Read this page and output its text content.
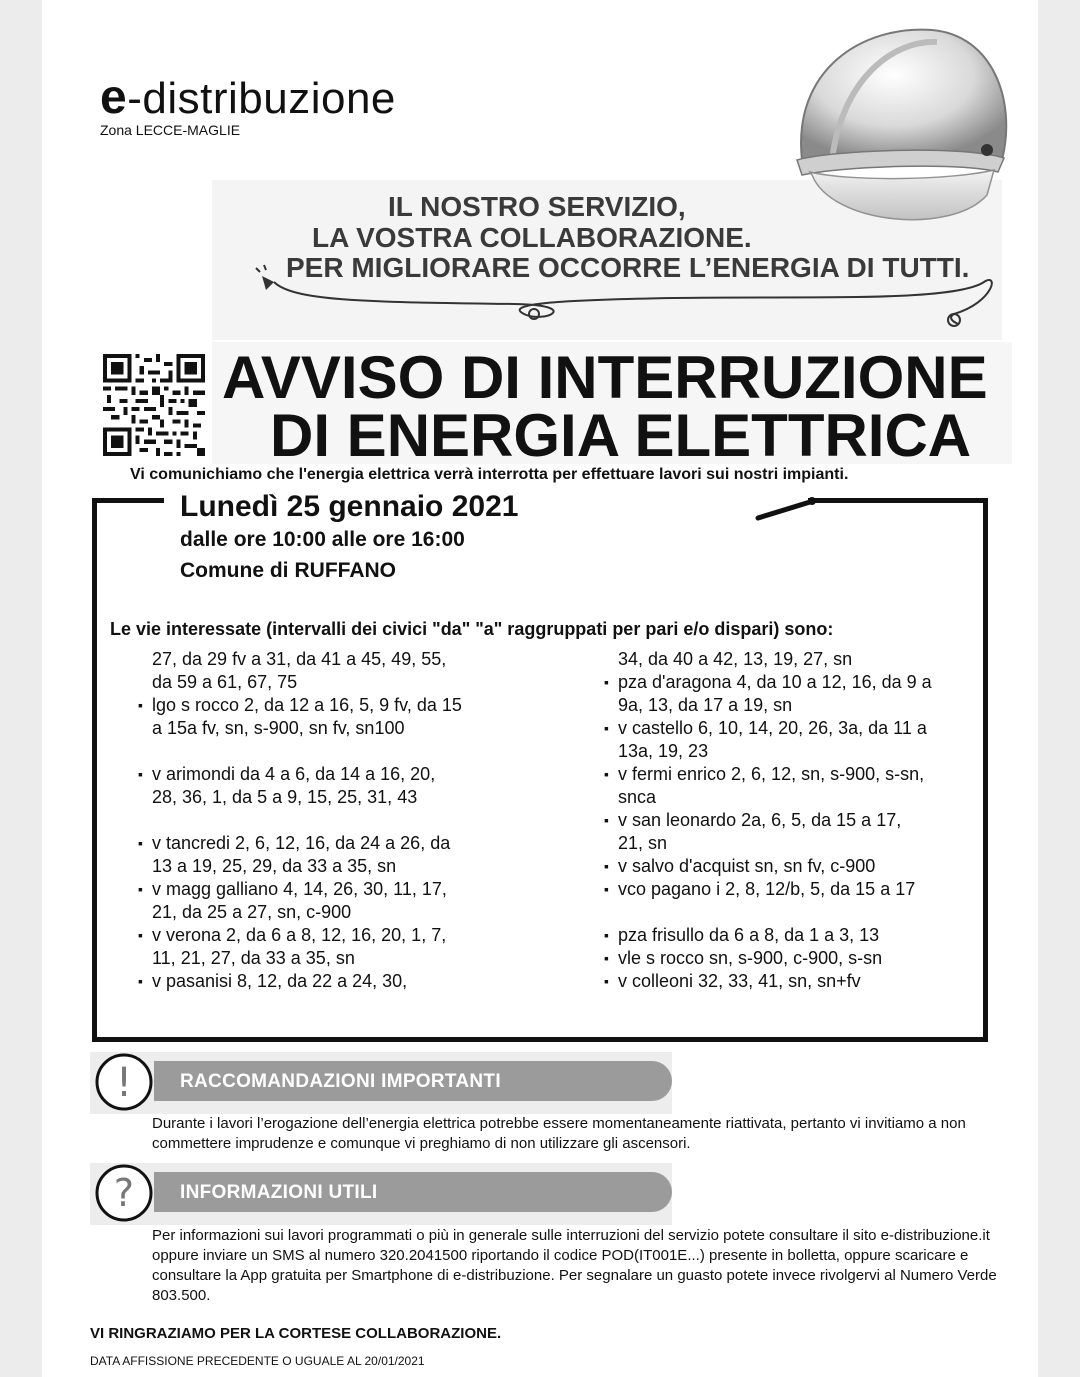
e-distribuzione
Zona LECCE-MAGLIE
IL NOSTRO SERVIZIO,
LA VOSTRA COLLABORAZIONE.
PER MIGLIORARE OCCORRE L’ENERGIA DI TUTTI.
AVVISO DI INTERRUZIONE
DI ENERGIA ELETTRICA
Vi comunichiamo che l'energia elettrica verrà interrotta per effettuare lavori sui nostri impianti.
Lunedì 25 gennaio 2021
dalle ore 10:00 alle ore 16:00
Comune di RUFFANO
Le vie interessate (intervalli dei civici "da" "a" raggruppati per pari e/o dispari) sono:
27, da 29 fv a 31, da 41 a 45, 49, 55,
da 59 a 61, 67, 75
▪ lgo s rocco 2, da 12 a 16, 5, 9 fv, da 15
a 15a fv, sn, s-900, sn fv, sn100
▪ v arimondi da 4 a 6, da 14 a 16, 20,
28, 36, 1, da 5 a 9, 15, 25, 31, 43
▪ v tancredi 2, 6, 12, 16, da 24 a 26, da
13 a 19, 25, 29, da 33 a 35, sn
▪ v magg galliano 4, 14, 26, 30, 11, 17,
21, da 25 a 27, sn, c-900
▪ v verona 2, da 6 a 8, 12, 16, 20, 1, 7,
11, 21, 27, da 33 a 35, sn
▪ v pasanisi 8, 12, da 22 a 24, 30,
34, da 40 a 42, 13, 19, 27, sn
▪ pza d'aragona 4, da 10 a 12, 16, da 9 a
9a, 13, da 17 a 19, sn
▪ v castello 6, 10, 14, 20, 26, 3a, da 11 a
13a, 19, 23
▪ v fermi enrico 2, 6, 12, sn, s-900, s-sn,
snca
▪ v san leonardo 2a, 6, 5, da 15 a 17,
21, sn
▪ v salvo d'acquist sn, sn fv, c-900
▪ vco pagano i 2, 8, 12/b, 5, da 15 a 17
▪ pza frisullo da 6 a 8, da 1 a 3, 13
▪ vle s rocco sn, s-900, c-900, s-sn
▪ v colleoni 32, 33, 41, sn, sn+fv
!	RACCOMANDAZIONI IMPORTANTI
Durante i lavori l’erogazione dell’energia elettrica potrebbe essere momentaneamente riattivata, pertanto vi invitiamo a non commettere imprudenze e comunque vi preghiamo di non utilizzare gli ascensori.
? INFORMAZIONI UTILI
Per informazioni sui lavori programmati o più in generale sulle interruzioni del servizio potete consultare il sito e-distribuzione.it oppure inviare un SMS al numero 320.2041500 riportando il codice POD(IT001E...) presente in bolletta, oppure scaricare e consultare la App gratuita per Smartphone di e-distribuzione. Per segnalare un guasto potete invece rivolgervi al Numero Verde 803.500.
VI RINGRAZIAMO PER LA CORTESE COLLABORAZIONE.
DATA AFFISSIONE PRECEDENTE O UGUALE AL 20/01/2021
